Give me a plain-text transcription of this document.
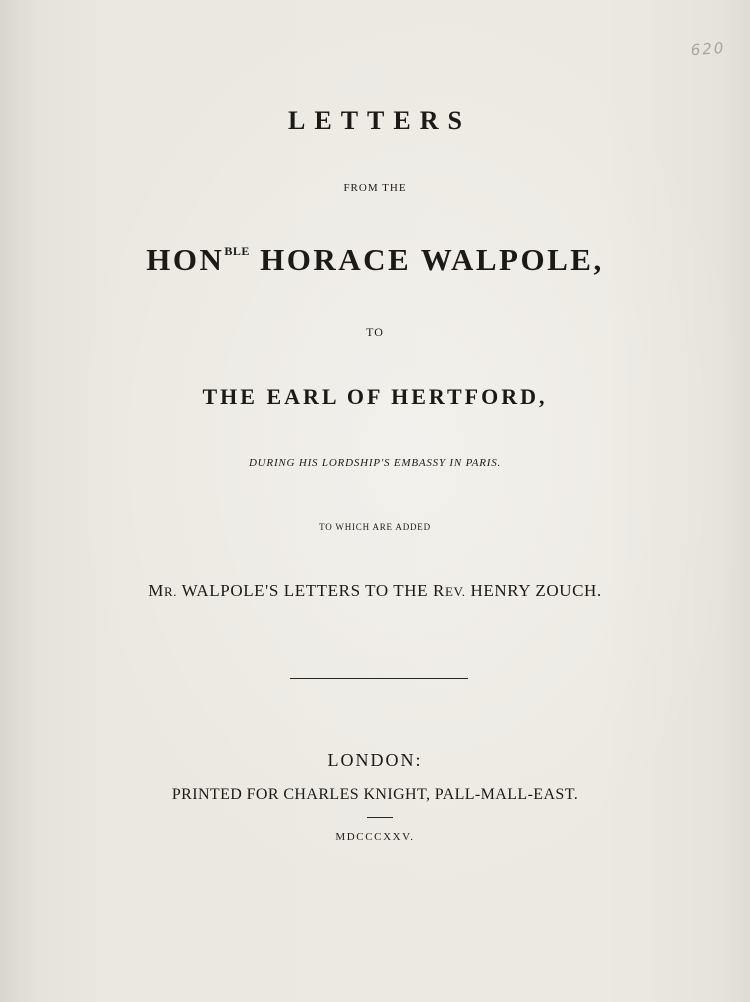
620
LETTERS
FROM THE
$HON^{BLE}$ HORACE WALPOLE,
TO
THE EARL OF HERTFORD,
DURING HIS LORDSHIP'S EMBASSY IN PARIS.
TO WHICH ARE ADDED
MR. WALPOLE'S LETTERS TO THE REV. HENRY ZOUCH.
LONDON:
PRINTED FOR CHARLES KNIGHT, PALL-MALL-EAST.
MDCCCXXV.
